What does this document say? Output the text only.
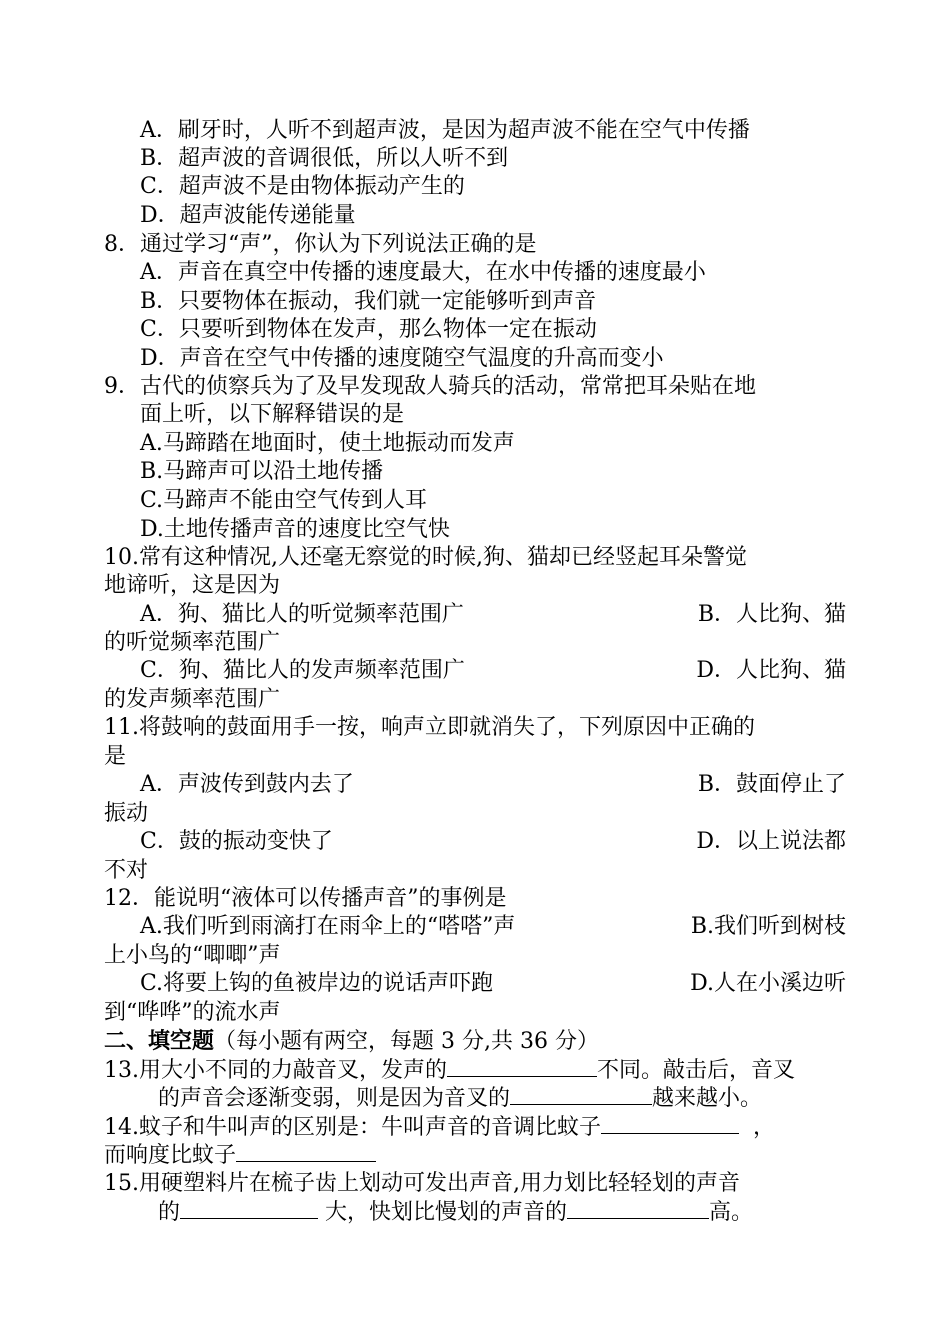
A．刷牙时，人听不到超声波，是因为超声波不能在空气中传播
B．超声波的音调很低，所以人听不到
C．超声波不是由物体振动产生的
D．超声波能传递能量
8．通过学习“声”，你认为下列说法正确的是
A．声音在真空中传播的速度最大，在水中传播的速度最小
B．只要物体在振动，我们就一定能够听到声音
C．只要听到物体在发声，那么物体一定在振动
D．声音在空气中传播的速度随空气温度的升高而变小
9．古代的侦察兵为了及早发现敌人骑兵的活动，常常把耳朵贴在地
面上听，以下解释错误的是
A.马蹄踏在地面时，使土地振动而发声
B.马蹄声可以沿土地传播
C.马蹄声不能由空气传到人耳
D.土地传播声音的速度比空气快
10.常有这种情况,人还毫无察觉的时候,狗、猫却已经竖起耳朵警觉
地谛听，这是因为
A．狗、猫比人的听觉频率范围广	B．人比狗、猫
的听觉频率范围广
C．狗、猫比人的发声频率范围广	D．人比狗、猫
的发声频率范围广
11.将鼓响的鼓面用手一按，响声立即就消失了，下列原因中正确的
是
A．声波传到鼓内去了	B．鼓面停止了
振动
C．鼓的振动变快了	D．以上说法都
不对
12．能说明“液体可以传播声音”的事例是
A.我们听到雨滴打在雨伞上的“嗒嗒”声	B.我们听到树枝
上小鸟的“唧唧”声
C.将要上钩的鱼被岸边的说话声吓跑	D.人在小溪边听
到“哗哗”的流水声
二、填空题（每小题有两空，每题 3 分,共 36 分）
13.用大小不同的力敲音叉，发声的	不同。敲击后，音叉
的声音会逐渐变弱，则是因为音叉的	越来越小。
14.蚊子和牛叫声的区别是：牛叫声音的音调比蚊子	，
而响度比蚊子
15.用硬塑料片在梳子齿上划动可发出声音,用力划比轻轻划的声音
的	大，快划比慢划的声音的	高。
